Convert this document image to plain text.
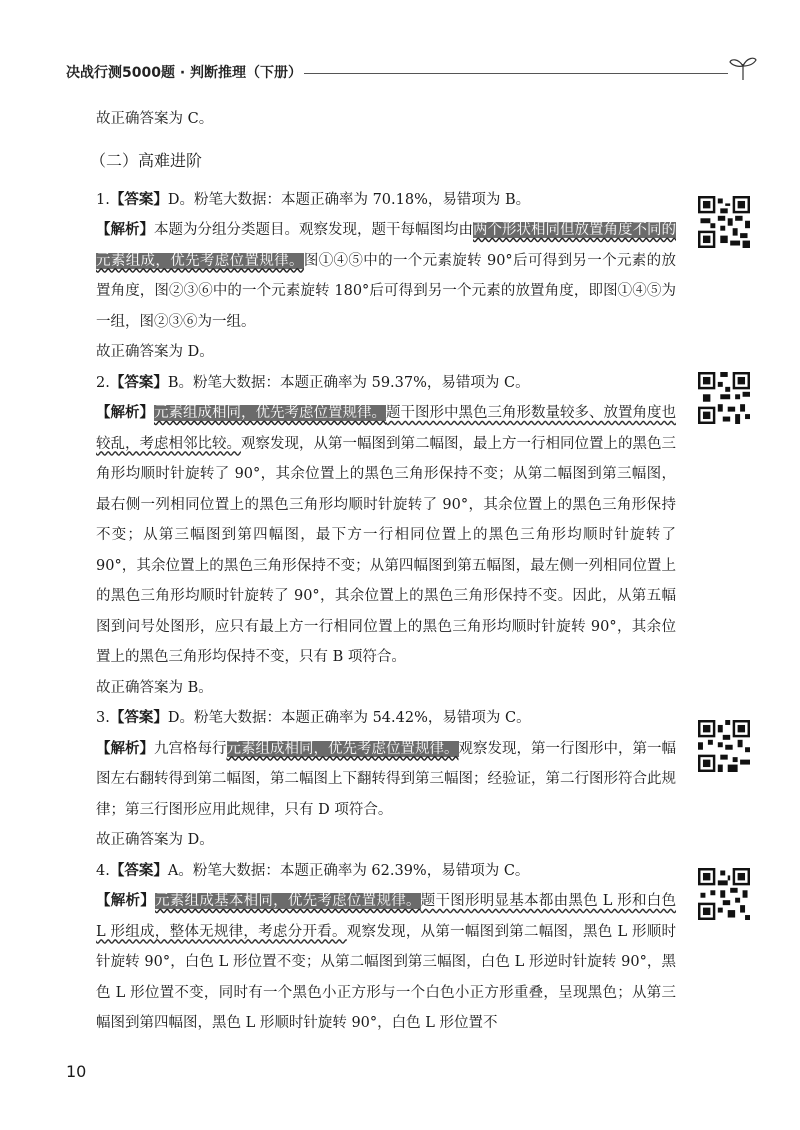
决战行测5000题 · 判断推理（下册）

故正确答案为 C。

（二）高难进阶

1.【答案】D。粉笔大数据：本题正确率为 70.18%，易错项为 B。

【解析】本题为分组分类题目。观察发现，题干每幅图均由两个形状相同但放置角度不同的元素组成，优先考虑位置规律。图①④⑤中的一个元素旋转 90°后可得到另一个元素的放置角度，图②③⑥中的一个元素旋转 180°后可得到另一个元素的放置角度，即图①④⑤为一组，图②③⑥为一组。

故正确答案为 D。

2.【答案】B。粉笔大数据：本题正确率为 59.37%，易错项为 C。

【解析】元素组成相同，优先考虑位置规律。题干图形中黑色三角形数量较多、放置角度也较乱，考虑相邻比较。观察发现，从第一幅图到第二幅图，最上方一行相同位置上的黑色三角形均顺时针旋转了 90°，其余位置上的黑色三角形保持不变；从第二幅图到第三幅图，最右侧一列相同位置上的黑色三角形均顺时针旋转了 90°，其余位置上的黑色三角形保持不变；从第三幅图到第四幅图，最下方一行相同位置上的黑色三角形均顺时针旋转了 90°，其余位置上的黑色三角形保持不变；从第四幅图到第五幅图，最左侧一列相同位置上的黑色三角形均顺时针旋转了 90°，其余位置上的黑色三角形保持不变。因此，从第五幅图到问号处图形，应只有最上方一行相同位置上的黑色三角形均顺时针旋转 90°，其余位置上的黑色三角形均保持不变，只有 B 项符合。

故正确答案为 B。

3.【答案】D。粉笔大数据：本题正确率为 54.42%，易错项为 C。

【解析】九宫格每行元素组成相同，优先考虑位置规律。观察发现，第一行图形中，第一幅图左右翻转得到第二幅图，第二幅图上下翻转得到第三幅图；经验证，第二行图形符合此规律；第三行图形应用此规律，只有 D 项符合。

故正确答案为 D。

4.【答案】A。粉笔大数据：本题正确率为 62.39%，易错项为 C。

【解析】元素组成基本相同，优先考虑位置规律。题干图形明显基本都由黑色 L 形和白色 L 形组成，整体无规律，考虑分开看。观察发现，从第一幅图到第二幅图，黑色 L 形顺时针旋转 90°，白色 L 形位置不变；从第二幅图到第三幅图，白色 L 形逆时针旋转 90°，黑色 L 形位置不变，同时有一个黑色小正方形与一个白色小正方形重叠，呈现黑色；从第三幅图到第四幅图，黑色 L 形顺时针旋转 90°，白色 L 形位置不

10
